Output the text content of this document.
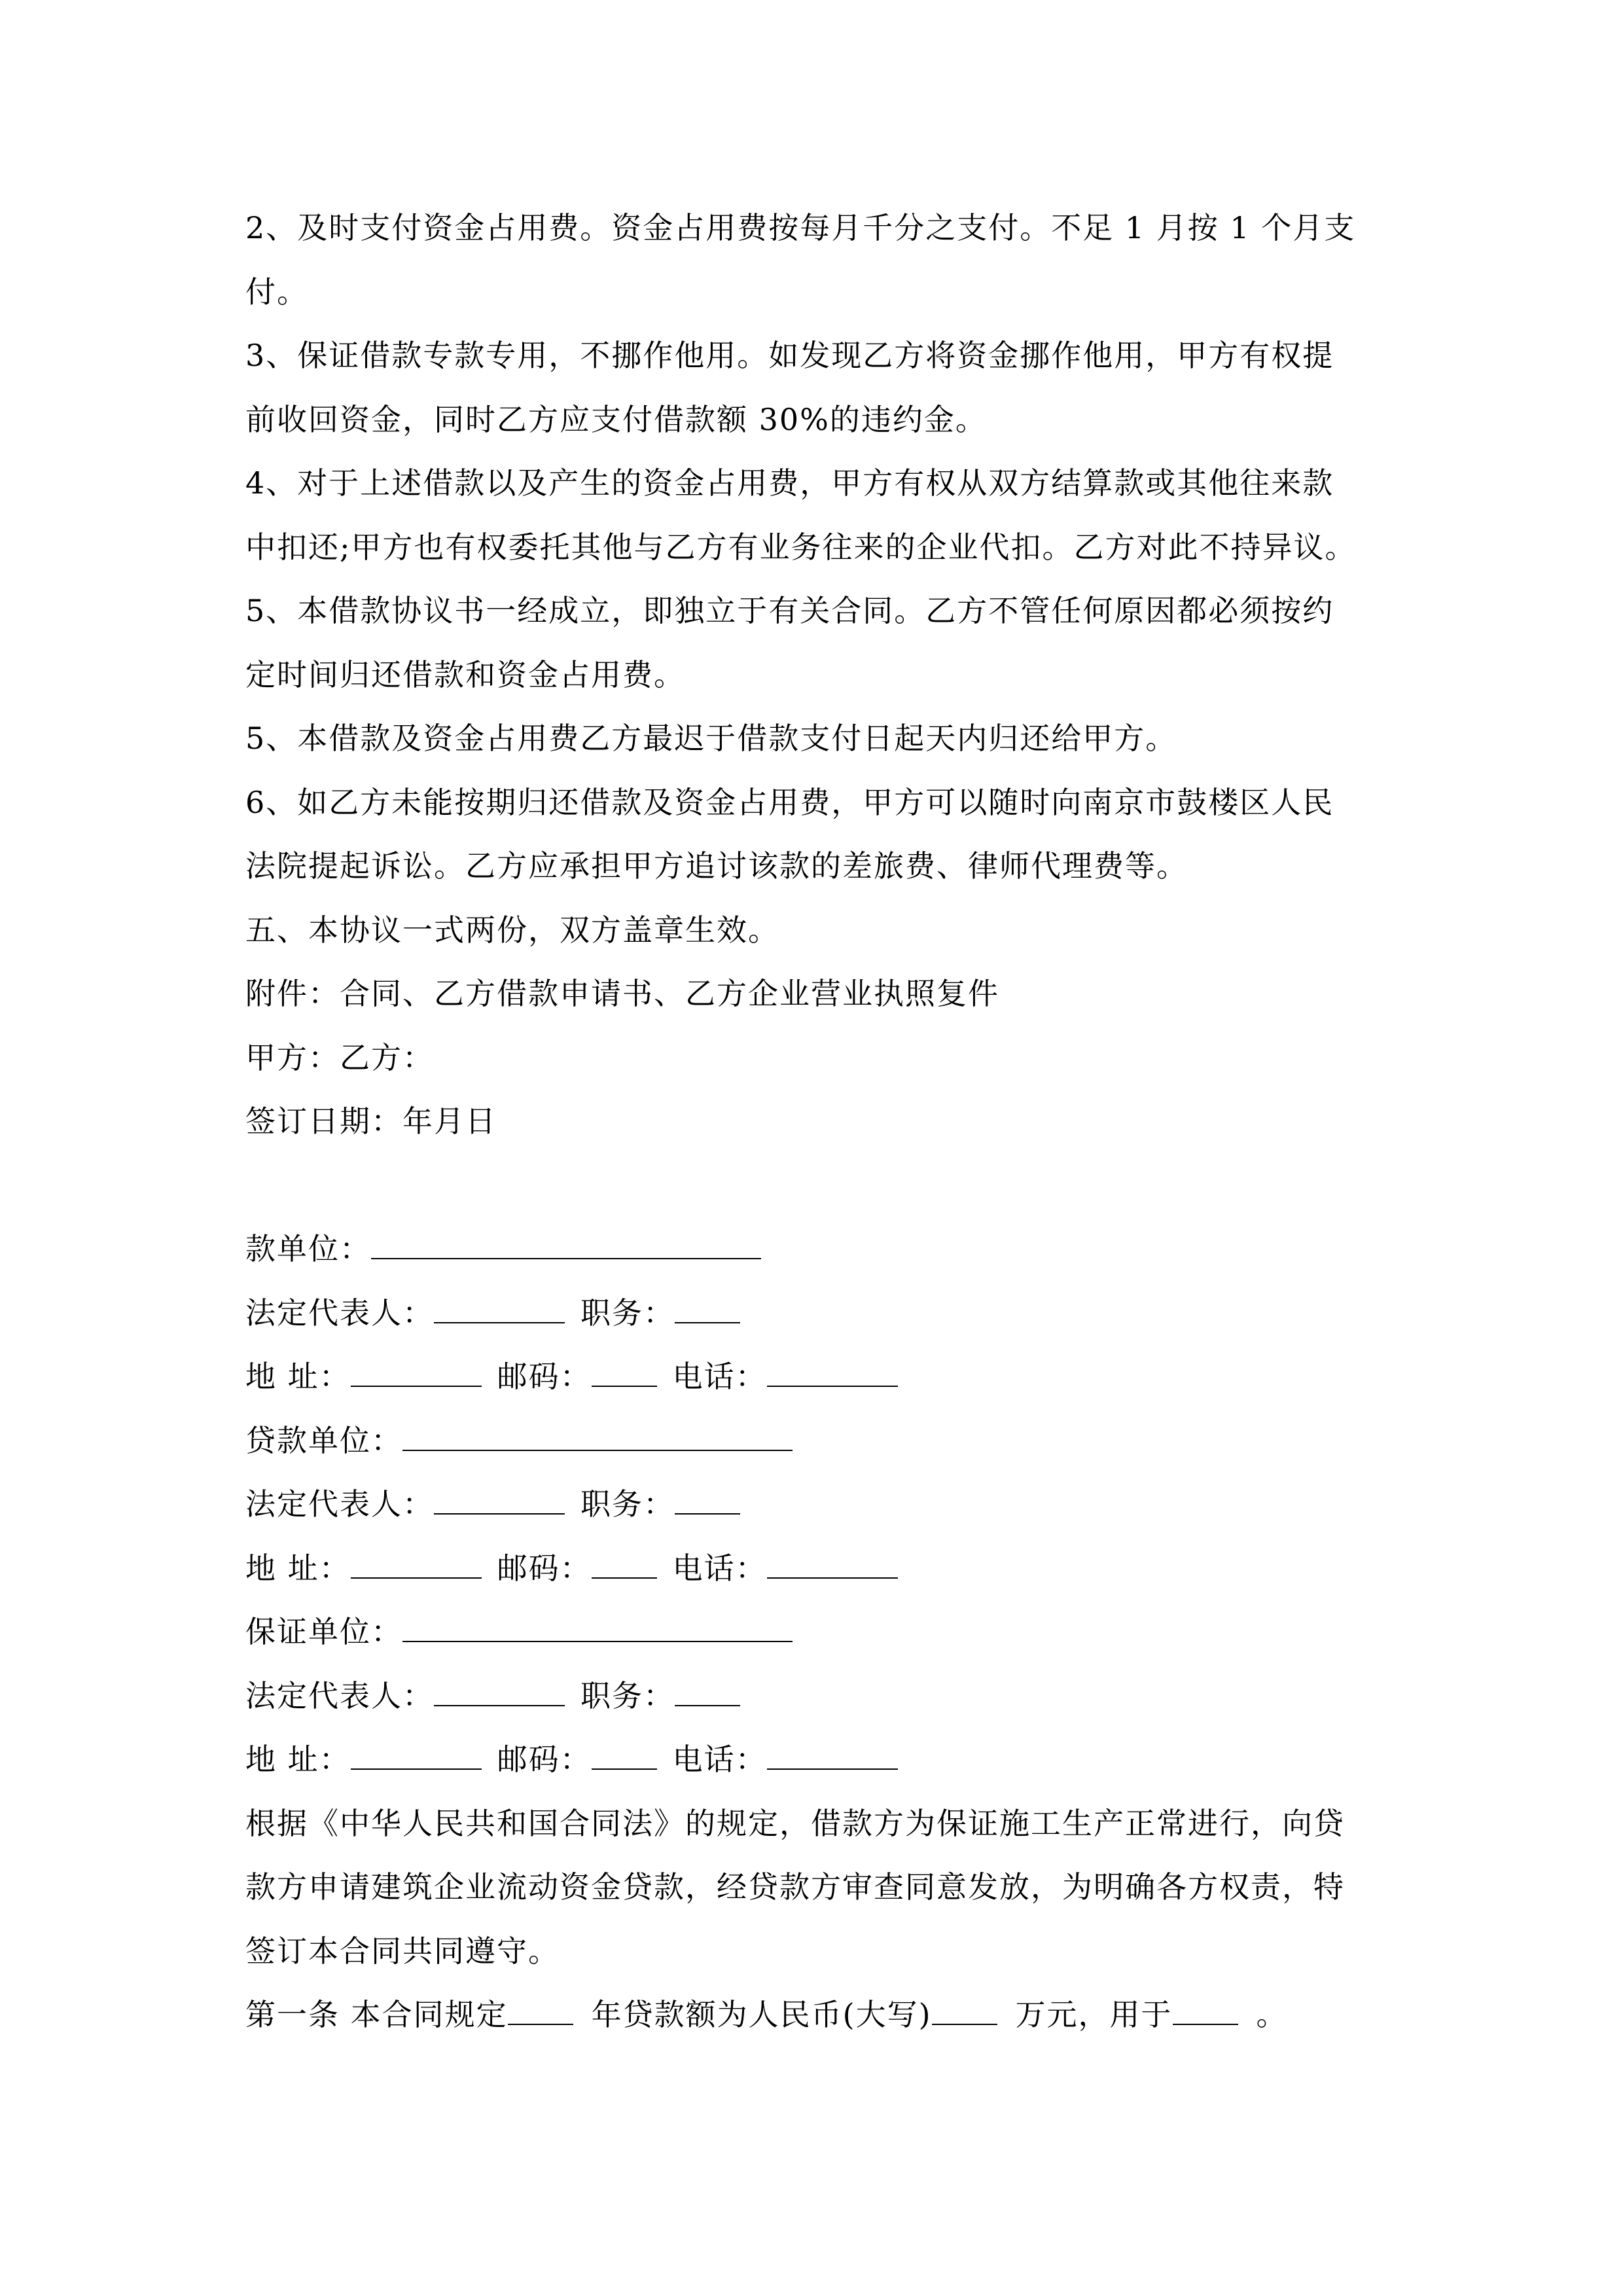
2、及时支付资金占用费。资金占用费按每月千分之支付。不足 1 月按 1 个月支
付。
3、保证借款专款专用，不挪作他用。如发现乙方将资金挪作他用，甲方有权提
前收回资金，同时乙方应支付借款额 30%的违约金。
4、对于上述借款以及产生的资金占用费，甲方有权从双方结算款或其他往来款
中扣还;甲方也有权委托其他与乙方有业务往来的企业代扣。乙方对此不持异议。
5、本借款协议书一经成立，即独立于有关合同。乙方不管任何原因都必须按约
定时间归还借款和资金占用费。
5、本借款及资金占用费乙方最迟于借款支付日起天内归还给甲方。
6、如乙方未能按期归还借款及资金占用费，甲方可以随时向南京市鼓楼区人民
法院提起诉讼。乙方应承担甲方追讨该款的差旅费、律师代理费等。
五、本协议一式两份，双方盖章生效。
附件：合同、乙方借款申请书、乙方企业营业执照复件
甲方：乙方：
签订日期：年月日
款单位：
法定代表人：	职务：
地 址：	邮码：	电话：
贷款单位：
法定代表人：	职务：
地 址：	邮码：	电话：
保证单位：
法定代表人：	职务：
地 址：	邮码：	电话：
根据《中华人民共和国合同法》的规定，借款方为保证施工生产正常进行，向贷
款方申请建筑企业流动资金贷款，经贷款方审查同意发放，为明确各方权责，特
签订本合同共同遵守。
第一条 本合同规定	年贷款额为人民币(大写)	万元，用于	。
